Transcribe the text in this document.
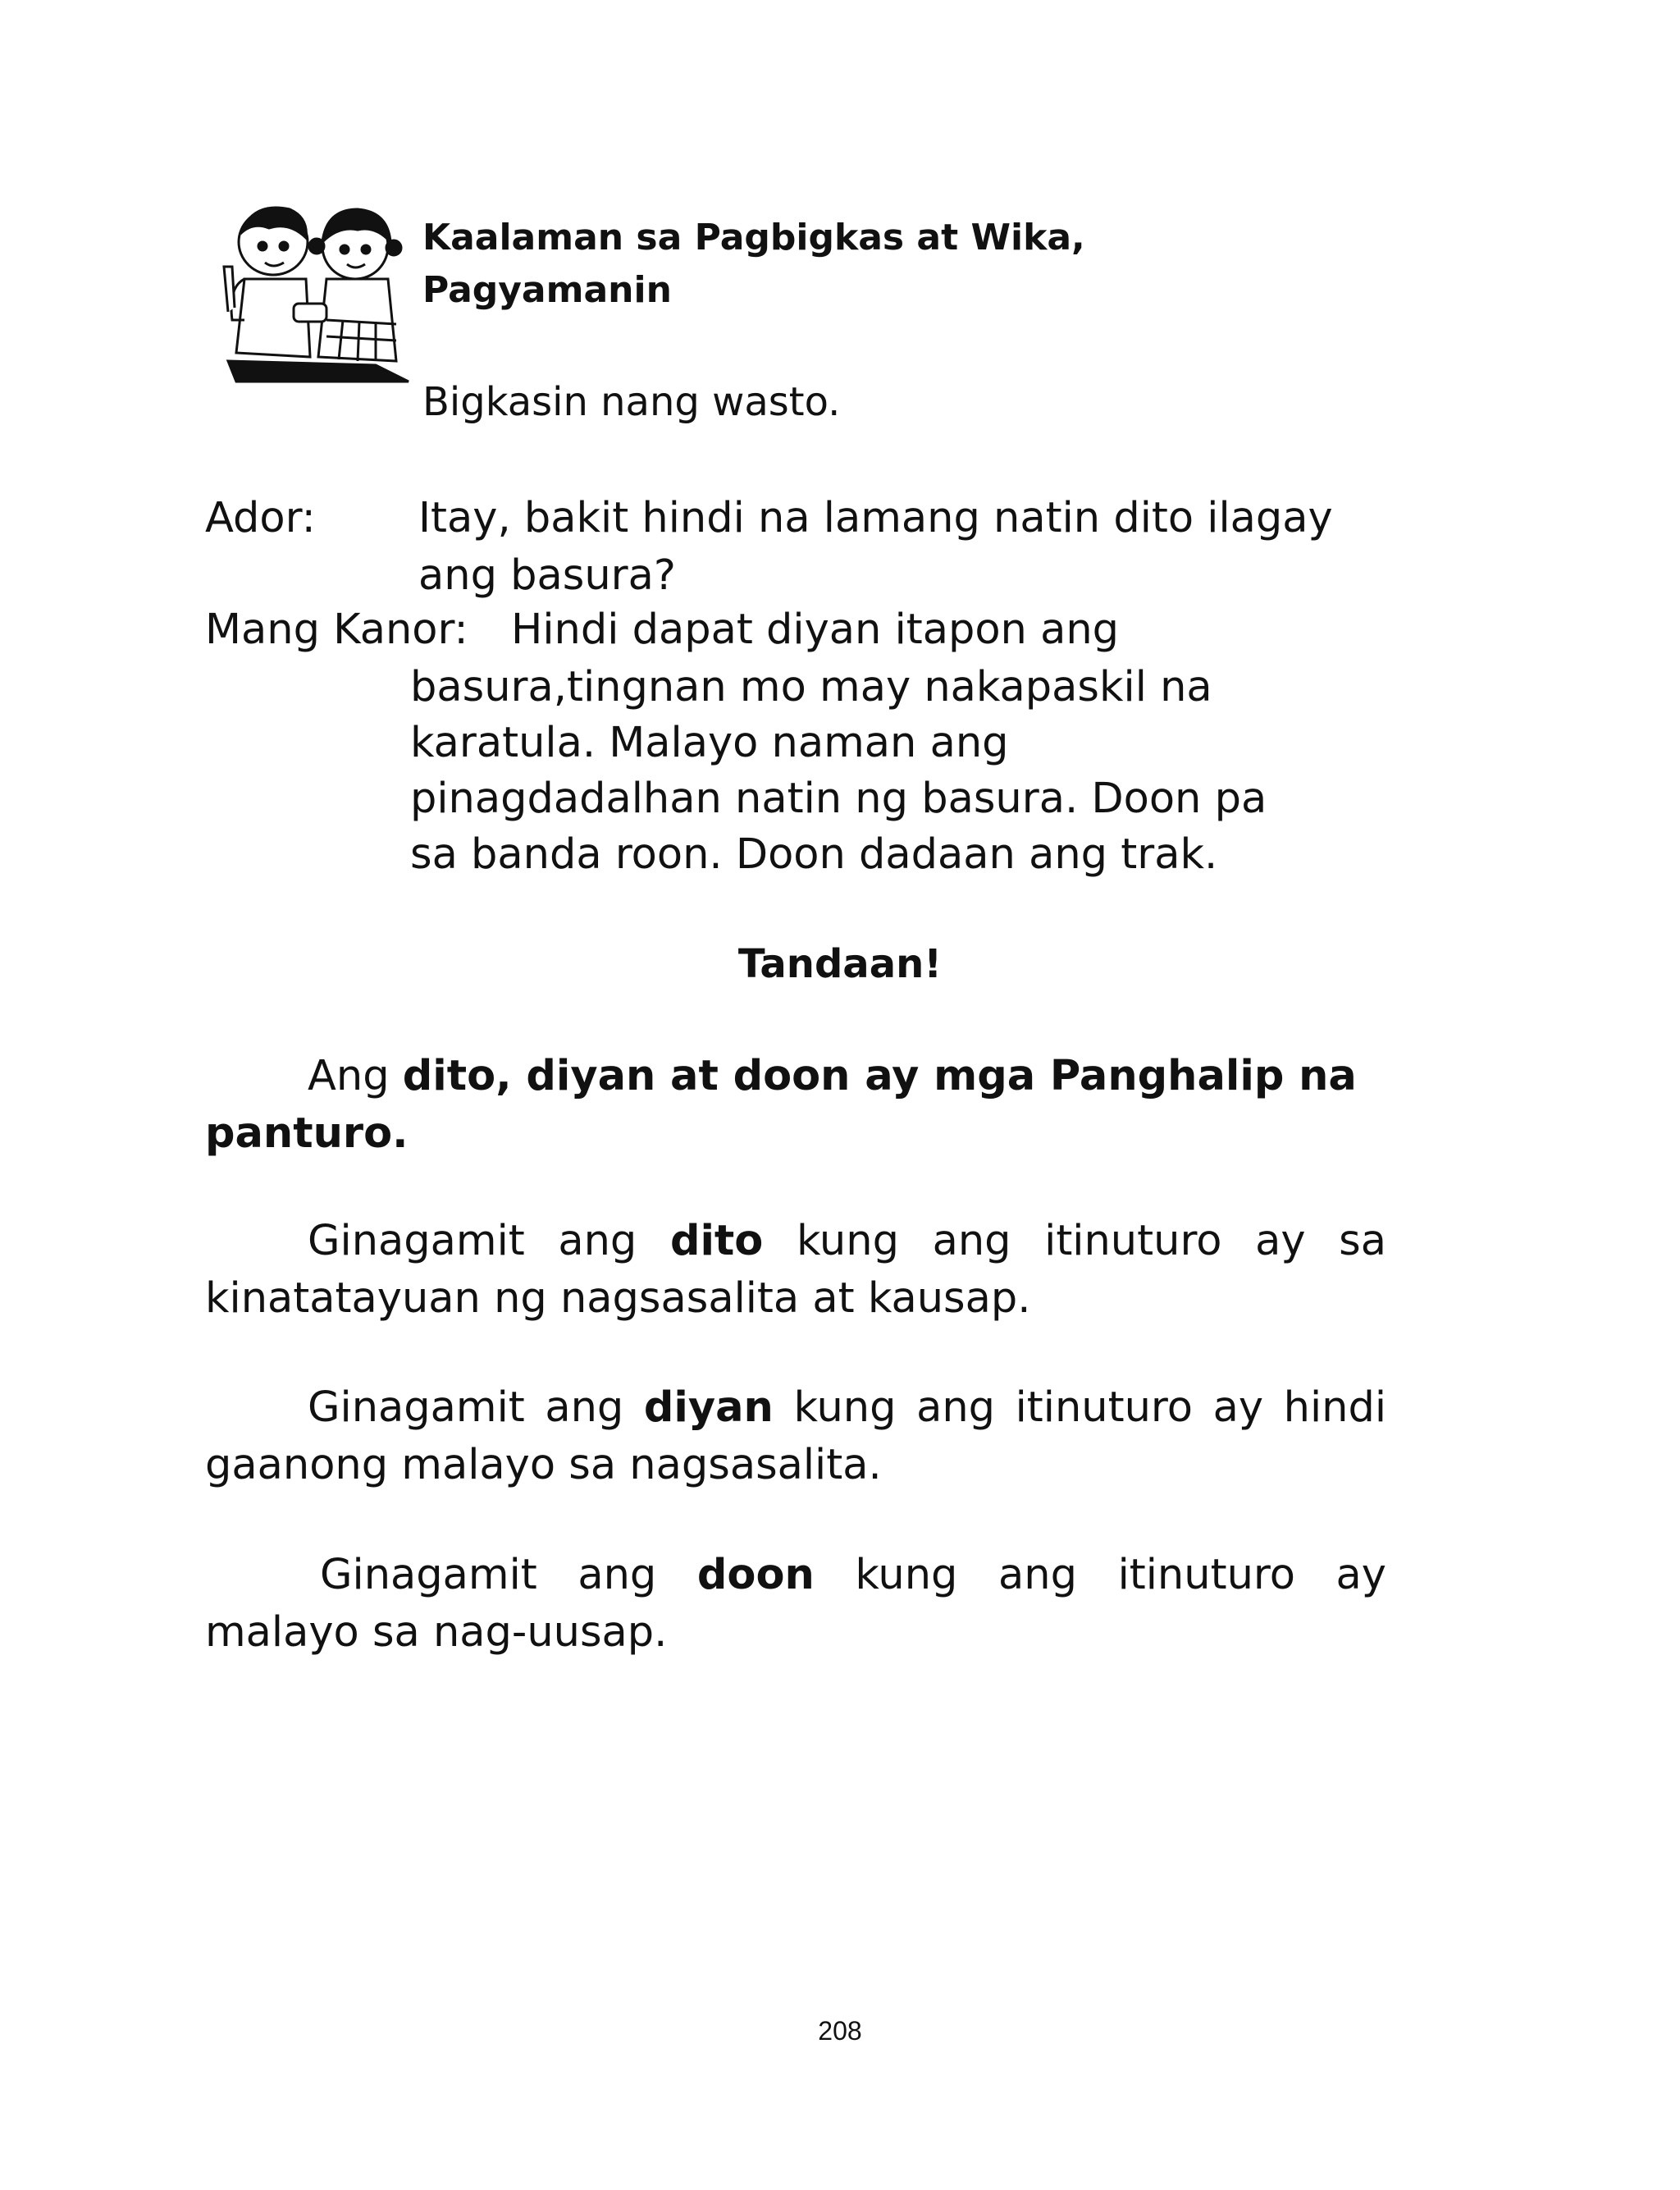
Kaalaman sa Pagbigkas at Wika,
Pagyamanin

Bigkasin nang wasto.

Ador: Itay, bakit hindi na lamang natin dito ilagay

ang basura?

Mang Kanor: Hindi dapat diyan itapon ang

basura,tingnan mo may nakapaskil na

karatula. Malayo naman ang

pinagdadalhan natin ng basura. Doon pa

sa banda roon. Doon dadaan ang trak.

Tandaan!

Ang dito, diyan at doon ay mga Panghalip na panturo.

Ginagamit ang dito kung ang itinuturo ay sa kinatatayuan ng nagsasalita at kausap.

Ginagamit ang diyan kung ang itinuturo ay hindi gaanong malayo sa nagsasalita.

Ginagamit ang doon kung ang itinuturo ay malayo sa nag-uusap.

208
